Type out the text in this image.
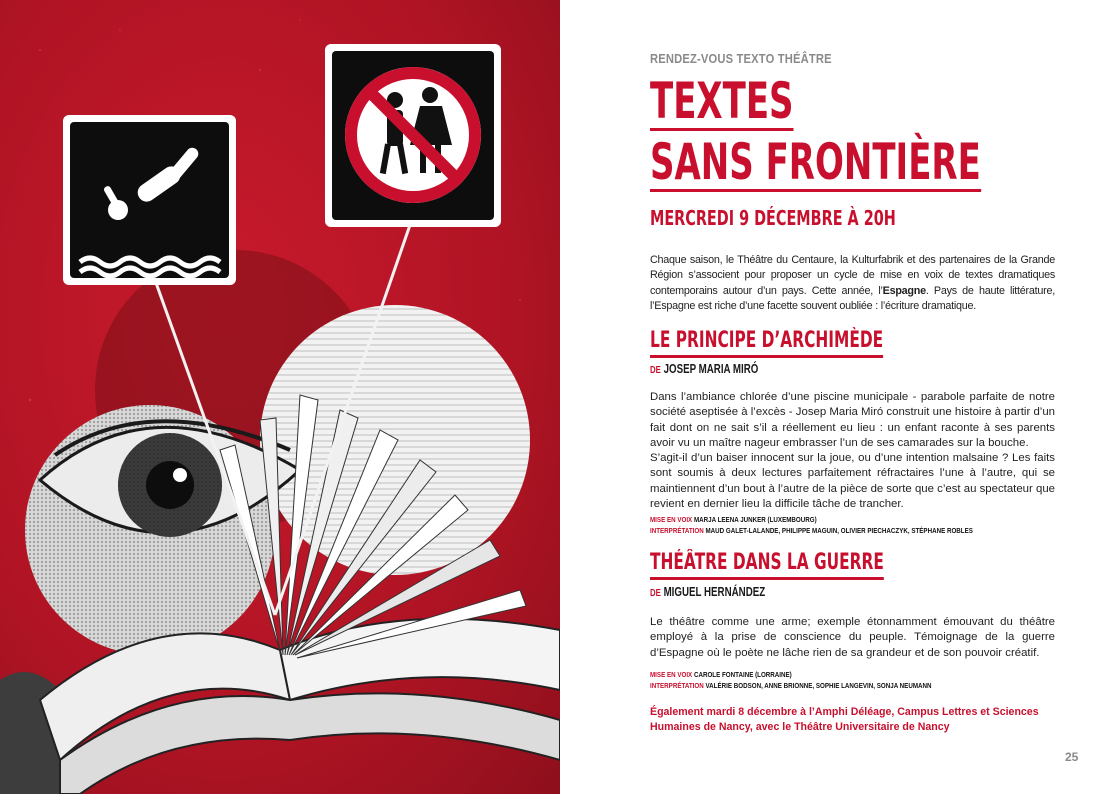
RENDEZ-VOUS TEXTO THÉÂTRE
TEXTES
SANS FRONTIÈRE
MERCREDI 9 DÉCEMBRE À 20H

Chaque saison, le Théâtre du Centaure, la Kulturfabrik et des partenaires de la Grande Région s’associent pour proposer un cycle de mise en voix de textes dramatiques contemporains autour d’un pays. Cette année, l’Espagne. Pays de haute littérature, l’Espagne est riche d’une facette souvent oubliée : l’écriture dramatique.

LE PRINCIPE D’ARCHIMÈDE
DE JOSEP MARIA MIRÓ

Dans l’ambiance chlorée d’une piscine municipale - parabole parfaite de notre société aseptisée à l’excès - Josep Maria Miró construit une histoire à partir d’un fait dont on ne sait s’il a réellement eu lieu : un enfant raconte à ses parents avoir vu un maître nageur embrasser l’un de ses camarades sur la bouche.

S’agit-il d’un baiser innocent sur la joue, ou d’une intention malsaine ? Les faits sont soumis à deux lectures parfaitement réfractaires l’une à l’autre, qui se maintiennent d’un bout à l’autre de la pièce de sorte que c’est au spectateur que revient en dernier lieu la difficile tâche de trancher.

MISE EN VOIX MARJA LEENA JUNKER (LUXEMBOURG)
INTERPRÉTATION MAUD GALET-LALANDE, PHILIPPE MAGUIN, OLIVIER PIECHACZYK, STÉPHANE ROBLES
THÉÂTRE DANS LA GUERRE
DE MIGUEL HERNÁNDEZ

Le théâtre comme une arme; exemple étonnamment émouvant du théâtre employé à la prise de conscience du peuple. Témoignage de la guerre d’Espagne où le poète ne lâche rien de sa grandeur et de son pouvoir créatif.

MISE EN VOIX CAROLE FONTAINE (LORRAINE)
INTERPRÉTATION VALÉRIE BODSON, ANNE BRIONNE, SOPHIE LANGEVIN, SONJA NEUMANN
Également mardi 8 décembre à l’Amphi Déléage, Campus Lettres et Sciences Humaines de Nancy, avec le Théâtre Universitaire de Nancy
25
